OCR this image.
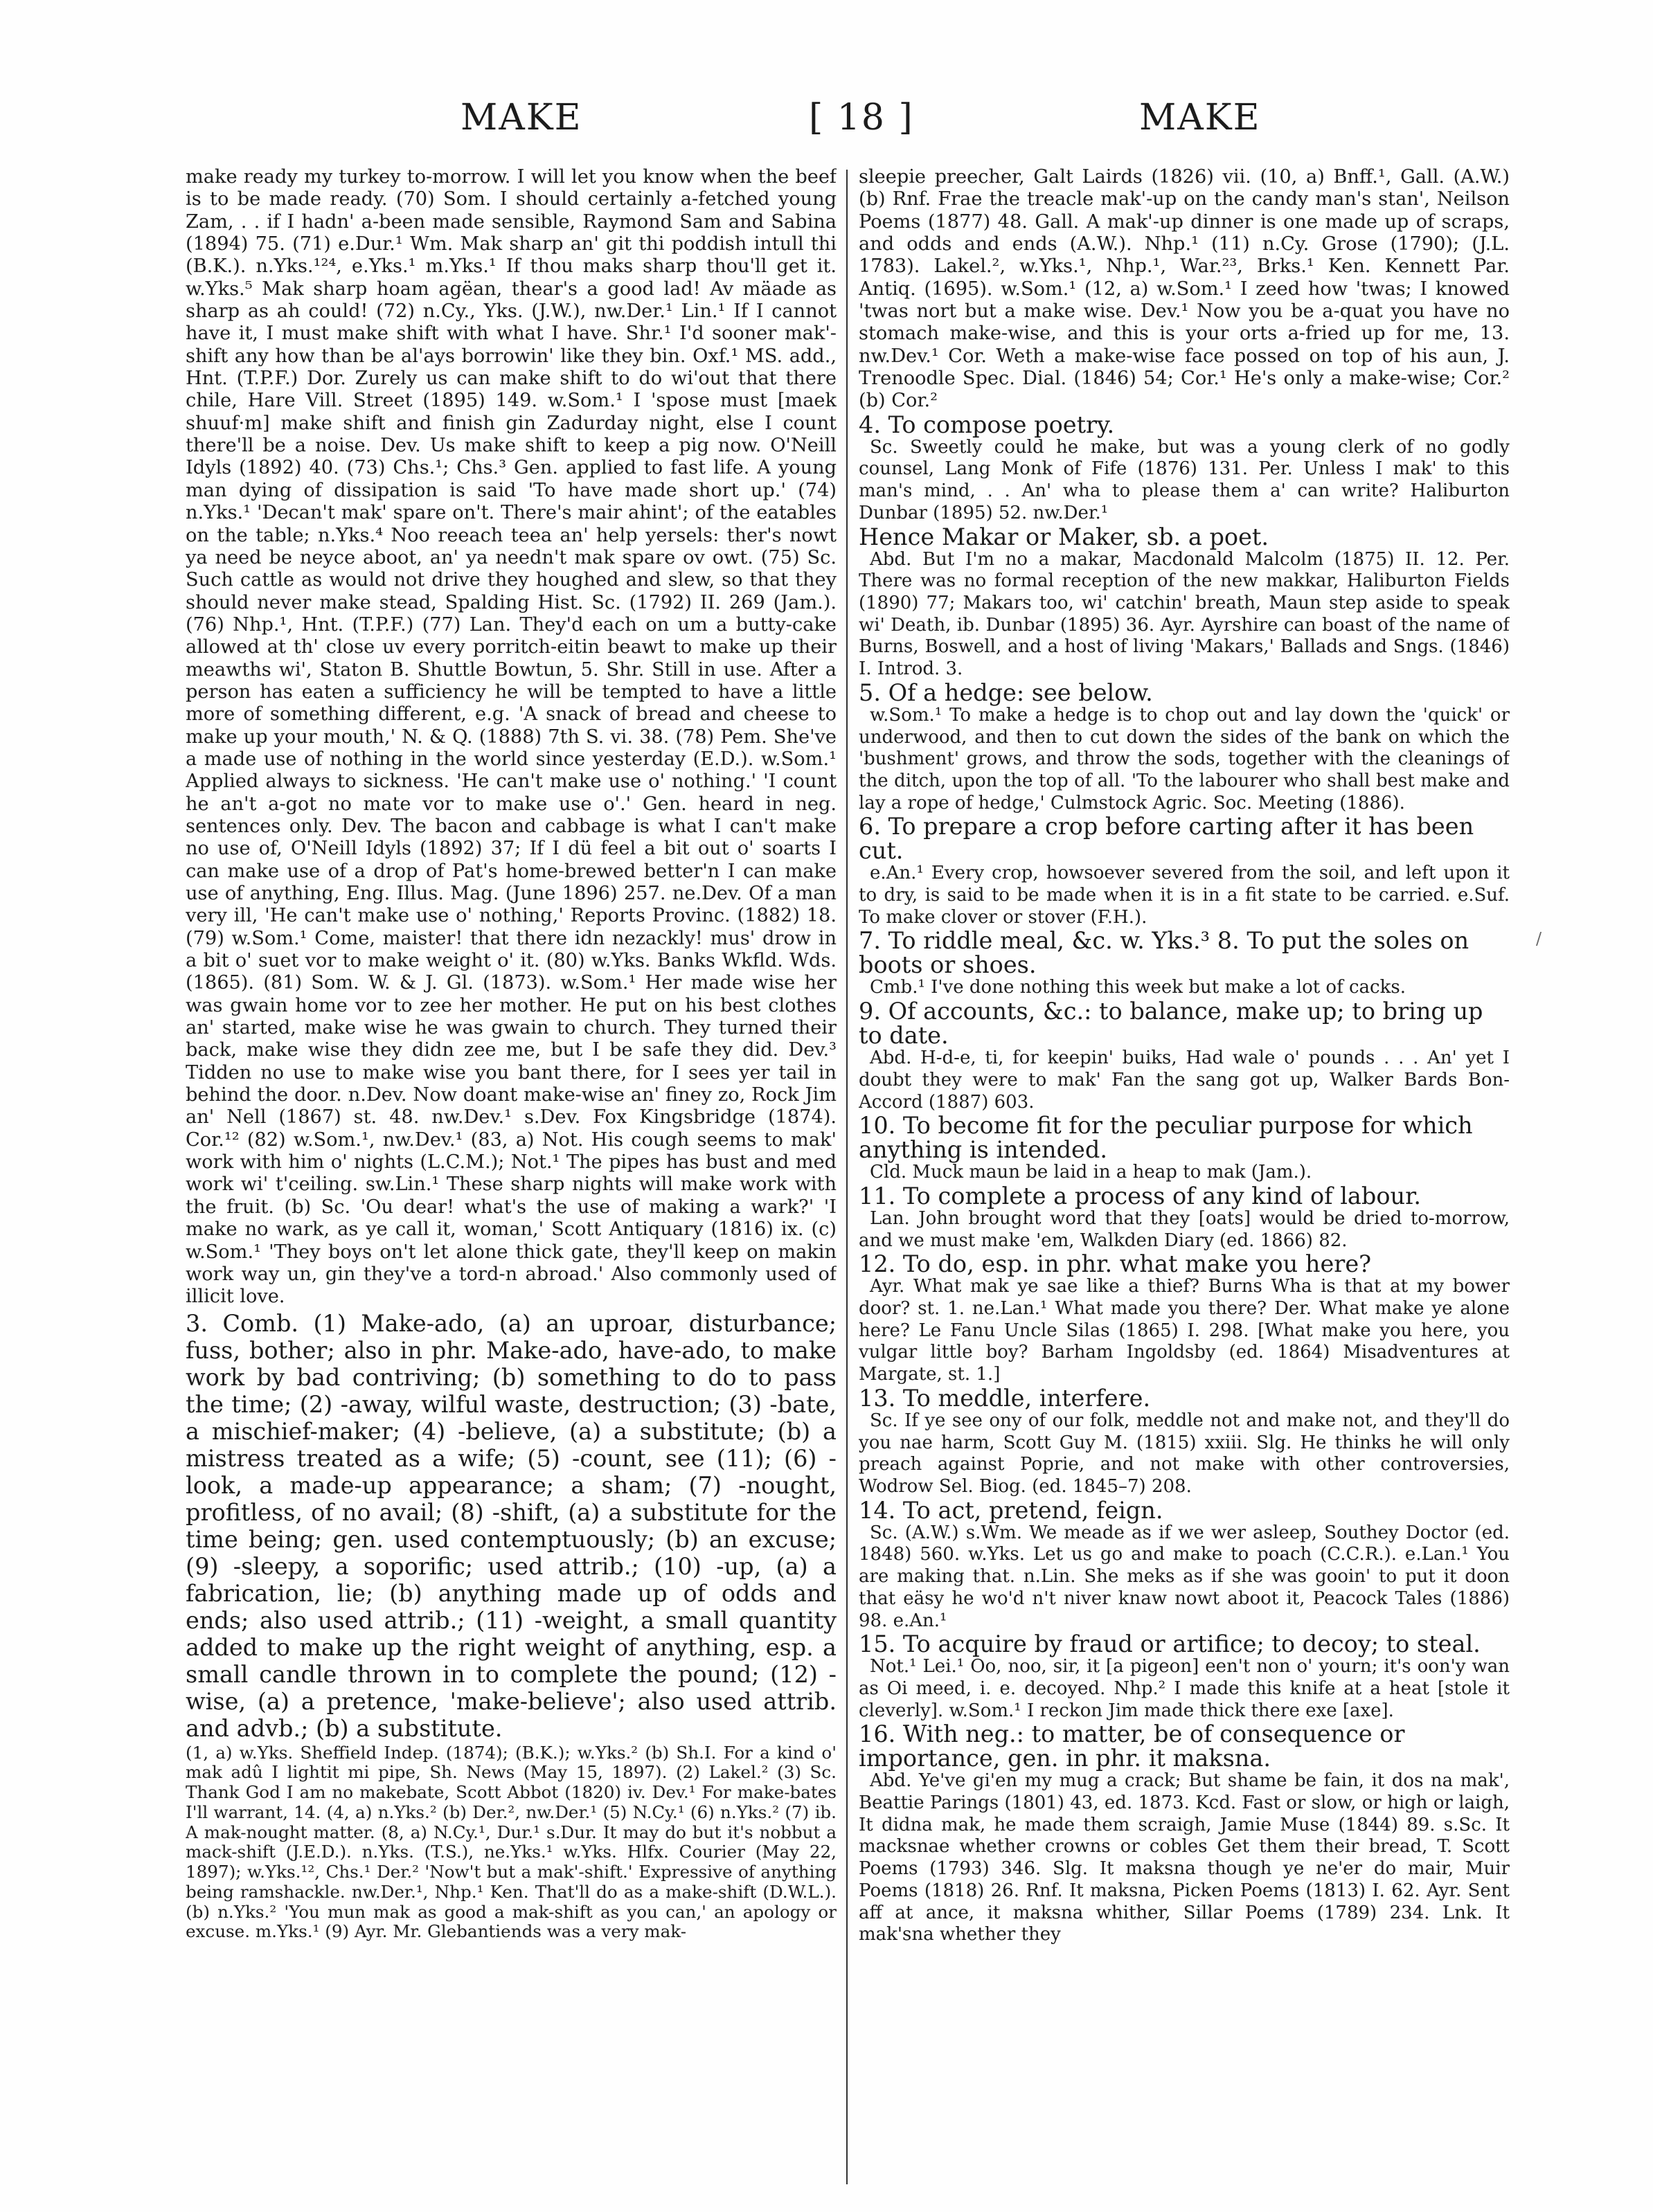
MAKE	[ 18 ]	MAKE

make ready my turkey to-morrow. I will let you know when the beef is to be made ready. (70) Som. I should certainly a-fetched young Zam, . . if I hadn' a-been made sensible, Raymond Sam and Sabina (1894) 75. (71) e.Dur.¹ Wm. Mak sharp an' git thi poddish intull thi (B.K.). n.Yks.¹²⁴, e.Yks.¹ m.Yks.¹ If thou maks sharp thou'll get it. w.Yks.⁵ Mak sharp hoam agëan, thear's a good lad! Av mäade as sharp as ah could! (72) n.Cy., Yks. (J.W.), nw.Der.¹ Lin.¹ If I cannot have it, I must make shift with what I have. Shr.¹ I'd sooner mak'-shift any how than be al'ays borrowin' like they bin. Oxf.¹ MS. add., Hnt. (T.P.F.) Dor. Zurely us can make shift to do wi'out that there chile, Hare Vill. Street (1895) 149. w.Som.¹ I 'spose must [maek shuuf·m] make shift and finish gin Zadurday night, else I count there'll be a noise. Dev. Us make shift to keep a pig now. O'Neill Idyls (1892) 40. (73) Chs.¹; Chs.³ Gen. applied to fast life. A young man dying of dissipation is said 'To have made short up.' (74) n.Yks.¹ 'Decan't mak' spare on't. There's mair ahint'; of the eatables on the table; n.Yks.⁴ Noo reeach teea an' help yersels: ther's nowt ya need be neyce aboot, an' ya needn't mak spare ov owt. (75) Sc. Such cattle as would not drive they houghed and slew, so that they should never make stead, Spalding Hist. Sc. (1792) II. 269 (Jam.). (76) Nhp.¹, Hnt. (T.P.F.) (77) Lan. They'd each on um a butty-cake allowed at th' close uv every porritch-eitin beawt to make up their meawths wi', Staton B. Shuttle Bowtun, 5. Shr. Still in use. After a person has eaten a sufficiency he will be tempted to have a little more of something different, e.g. 'A snack of bread and cheese to make up your mouth,' N. & Q. (1888) 7th S. vi. 38. (78) Pem. She've a made use of nothing in the world since yesterday (E.D.). w.Som.¹ Applied always to sickness. 'He can't make use o' nothing.' 'I count he an't a-got no mate vor to make use o'.' Gen. heard in neg. sentences only. Dev. The bacon and cabbage is what I can't make no use of, O'Neill Idyls (1892) 37; If I dü feel a bit out o' soarts I can make use of a drop of Pat's home-brewed better'n I can make use of anything, Eng. Illus. Mag. (June 1896) 257. ne.Dev. Of a man very ill, 'He can't make use o' nothing,' Reports Provinc. (1882) 18. (79) w.Som.¹ Come, maister! that there idn nezackly! mus' drow in a bit o' suet vor to make weight o' it. (80) w.Yks. Banks Wkfld. Wds. (1865). (81) Som. W. & J. Gl. (1873). w.Som.¹ Her made wise her was gwain home vor to zee her mother. He put on his best clothes an' started, make wise he was gwain to church. They turned their back, make wise they didn zee me, but I be safe they did. Dev.³ Tidden no use to make wise you bant there, for I sees yer tail in behind the door. n.Dev. Now doant make-wise an' finey zo, Rock Jim an' Nell (1867) st. 48. nw.Dev.¹ s.Dev. Fox Kingsbridge (1874). Cor.¹² (82) w.Som.¹, nw.Dev.¹ (83, a) Not. His cough seems to mak' work with him o' nights (L.C.M.); Not.¹ The pipes has bust and med work wi' t'ceiling. sw.Lin.¹ These sharp nights will make work with the fruit. (b) Sc. 'Ou dear! what's the use of making a wark?' 'I make no wark, as ye call it, woman,' Scott Antiquary (1816) ix. (c) w.Som.¹ 'They boys on't let alone thick gate, they'll keep on makin work way un, gin they've a tord-n abroad.' Also commonly used of illicit love.

3. Comb. (1) Make-ado, (a) an uproar, disturbance; fuss, bother; also in phr. Make-ado, have-ado, to make work by bad contriving; (b) something to do to pass the time; (2) -away, wilful waste, destruction; (3) -bate, a mischief-maker; (4) -believe, (a) a substitute; (b) a mistress treated as a wife; (5) -count, see (11); (6) -look, a made-up appearance; a sham; (7) -nought, profitless, of no avail; (8) -shift, (a) a substitute for the time being; gen. used contemptuously; (b) an excuse; (9) -sleepy, a soporific; used attrib.; (10) -up, (a) a fabrication, lie; (b) anything made up of odds and ends; also used attrib.; (11) -weight, a small quantity added to make up the right weight of anything, esp. a small candle thrown in to complete the pound; (12) -wise, (a) a pretence, 'make-believe'; also used attrib. and advb.; (b) a substitute.

(1, a) w.Yks. Sheffield Indep. (1874); (B.K.); w.Yks.² (b) Sh.I. For a kind o' mak adû I lightit mi pipe, Sh. News (May 15, 1897). (2) Lakel.² (3) Sc. Thank God I am no makebate, Scott Abbot (1820) iv. Dev.¹ For make-bates I'll warrant, 14. (4, a) n.Yks.² (b) Der.², nw.Der.¹ (5) N.Cy.¹ (6) n.Yks.² (7) ib. A mak-nought matter. (8, a) N.Cy.¹, Dur.¹ s.Dur. It may do but it's nobbut a mack-shift (J.E.D.). n.Yks. (T.S.), ne.Yks.¹ w.Yks. Hlfx. Courier (May 22, 1897); w.Yks.¹², Chs.¹ Der.² 'Now't but a mak'-shift.' Expressive of anything being ramshackle. nw.Der.¹, Nhp.¹ Ken. That'll do as a make-shift (D.W.L.). (b) n.Yks.² 'You mun mak as good a mak-shift as you can,' an apology or excuse. m.Yks.¹ (9) Ayr. Mr. Glebantiends was a very mak-

sleepie preecher, Galt Lairds (1826) vii. (10, a) Bnff.¹, Gall. (A.W.) (b) Rnf. Frae the treacle mak'-up on the candy man's stan', Neilson Poems (1877) 48. Gall. A mak'-up dinner is one made up of scraps, and odds and ends (A.W.). Nhp.¹ (11) n.Cy. Grose (1790); (J.L. 1783). Lakel.², w.Yks.¹, Nhp.¹, War.²³, Brks.¹ Ken. Kennett Par. Antiq. (1695). w.Som.¹ (12, a) w.Som.¹ I zeed how 'twas; I knowed 'twas nort but a make wise. Dev.¹ Now you be a-quat you have no stomach make-wise, and this is your orts a-fried up for me, 13. nw.Dev.¹ Cor. Weth a make-wise face possed on top of his aun, J. Trenoodle Spec. Dial. (1846) 54; Cor.¹ He's only a make-wise; Cor.² (b) Cor.²

4. To compose poetry.

Sc. Sweetly could he make, but was a young clerk of no godly counsel, Lang Monk of Fife (1876) 131. Per. Unless I mak' to this man's mind, . . An' wha to please them a' can write? Haliburton Dunbar (1895) 52. nw.Der.¹

Hence Makar or Maker, sb. a poet.

Abd. But I'm no a makar, Macdonald Malcolm (1875) II. 12. Per. There was no formal reception of the new makkar, Haliburton Fields (1890) 77; Makars too, wi' catchin' breath, Maun step aside to speak wi' Death, ib. Dunbar (1895) 36. Ayr. Ayrshire can boast of the name of Burns, Boswell, and a host of living 'Makars,' Ballads and Sngs. (1846) I. Introd. 3.

5. Of a hedge: see below.

w.Som.¹ To make a hedge is to chop out and lay down the 'quick' or underwood, and then to cut down the sides of the bank on which the 'bushment' grows, and throw the sods, together with the cleanings of the ditch, upon the top of all. 'To the labourer who shall best make and lay a rope of hedge,' Culmstock Agric. Soc. Meeting (1886).

6. To prepare a crop before carting after it has been cut.

e.An.¹ Every crop, howsoever severed from the soil, and left upon it to dry, is said to be made when it is in a fit state to be carried. e.Suf. To make clover or stover (F.H.).

7. To riddle meal, &c. w. Yks.³ 8. To put the soles on boots or shoes.

Cmb.¹ I've done nothing this week but make a lot of cacks.

9. Of accounts, &c.: to balance, make up; to bring up to date.

Abd. H-d-e, ti, for keepin' buiks, Had wale o' pounds . . . An' yet I doubt they were to mak' Fan the sang got up, Walker Bards Bon-Accord (1887) 603.

10. To become fit for the peculiar purpose for which anything is intended.

Cld. Muck maun be laid in a heap to mak (Jam.).

11. To complete a process of any kind of labour.

Lan. John brought word that they [oats] would be dried to-morrow, and we must make 'em, Walkden Diary (ed. 1866) 82.

12. To do, esp. in phr. what make you here?

Ayr. What mak ye sae like a thief? Burns Wha is that at my bower door? st. 1. ne.Lan.¹ What made you there? Der. What make ye alone here? Le Fanu Uncle Silas (1865) I. 298. [What make you here, you vulgar little boy? Barham Ingoldsby (ed. 1864) Misadventures at Margate, st. 1.]

13. To meddle, interfere.

Sc. If ye see ony of our folk, meddle not and make not, and they'll do you nae harm, Scott Guy M. (1815) xxiii. Slg. He thinks he will only preach against Poprie, and not make with other controversies, Wodrow Sel. Biog. (ed. 1845–7) 208.

14. To act, pretend, feign.

Sc. (A.W.) s.Wm. We meade as if we wer asleep, Southey Doctor (ed. 1848) 560. w.Yks. Let us go and make to poach (C.C.R.). e.Lan.¹ You are making that. n.Lin. She meks as if she was gooin' to put it doon that eäsy he wo'd n't niver knaw nowt aboot it, Peacock Tales (1886) 98. e.An.¹

15. To acquire by fraud or artifice; to decoy; to steal.

Not.¹ Lei.¹ Oo, noo, sir, it [a pigeon] een't non o' yourn; it's oon'y wan as Oi meed, i. e. decoyed. Nhp.² I made this knife at a heat [stole it cleverly]. w.Som.¹ I reckon Jim made thick there exe [axe].

16. With neg.: to matter, be of consequence or importance, gen. in phr. it maksna.

Abd. Ye've gi'en my mug a crack; But shame be fain, it dos na mak', Beattie Parings (1801) 43, ed. 1873. Kcd. Fast or slow, or high or laigh, It didna mak, he made them scraigh, Jamie Muse (1844) 89. s.Sc. It macksnae whether crowns or cobles Get them their bread, T. Scott Poems (1793) 346. Slg. It maksna though ye ne'er do mair, Muir Poems (1818) 26. Rnf. It maksna, Picken Poems (1813) I. 62. Ayr. Sent aff at ance, it maksna whither, Sillar Poems (1789) 234. Lnk. It mak'sna whether they

/
